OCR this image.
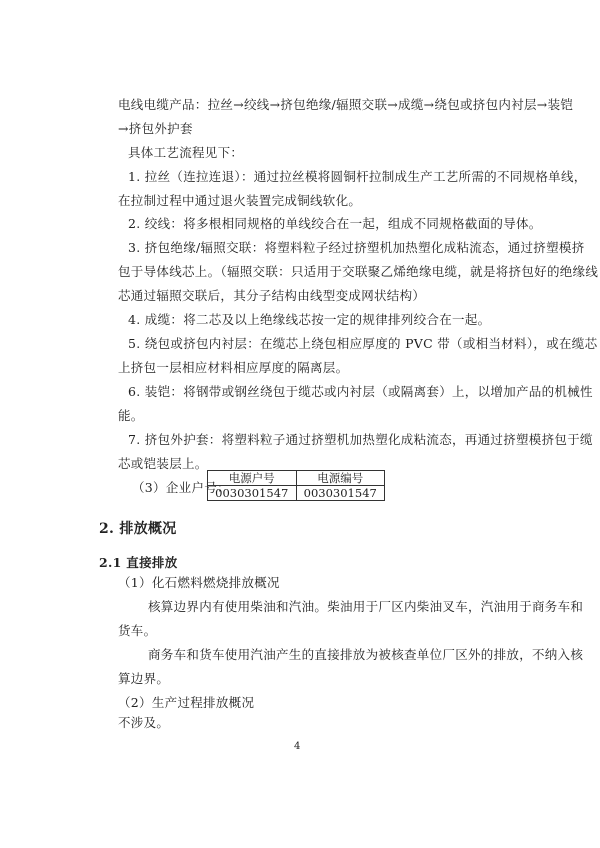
电线电缆产品：拉丝→绞线→挤包绝缘/辐照交联→成缆→绕包或挤包内衬层→装铠
→挤包外护套
具体工艺流程见下：
1. 拉丝（连拉连退）：通过拉丝模将圆铜杆拉制成生产工艺所需的不同规格单线，
在拉制过程中通过退火装置完成铜线软化。
2. 绞线：将多根相同规格的单线绞合在一起，组成不同规格截面的导体。
3. 挤包绝缘/辐照交联：将塑料粒子经过挤塑机加热塑化成粘流态，通过挤塑模挤
包于导体线芯上。（辐照交联：只适用于交联聚乙烯绝缘电缆，就是将挤包好的绝缘线
芯通过辐照交联后，其分子结构由线型变成网状结构）
4. 成缆：将二芯及以上绝缘线芯按一定的规律排列绞合在一起。
5. 绕包或挤包内衬层：在缆芯上绕包相应厚度的 PVC 带（或相当材料），或在缆芯
上挤包一层相应材料相应厚度的隔离层。
6. 装铠：将钢带或钢丝绕包于缆芯或内衬层（或隔离套）上，以增加产品的机械性
能。
7. 挤包外护套：将塑料粒子通过挤塑机加热塑化成粘流态，再通过挤塑模挤包于缆
芯或铠装层上。
（3）企业户号：
电源户号	电源编号
0030301547	0030301547
2. 排放概况
2.1 直接排放
（1）化石燃料燃烧排放概况
核算边界内有使用柴油和汽油。柴油用于厂区内柴油叉车，汽油用于商务车和
货车。
商务车和货车使用汽油产生的直接排放为被核查单位厂区外的排放，不纳入核
算边界。
（2）生产过程排放概况
不涉及。
4
